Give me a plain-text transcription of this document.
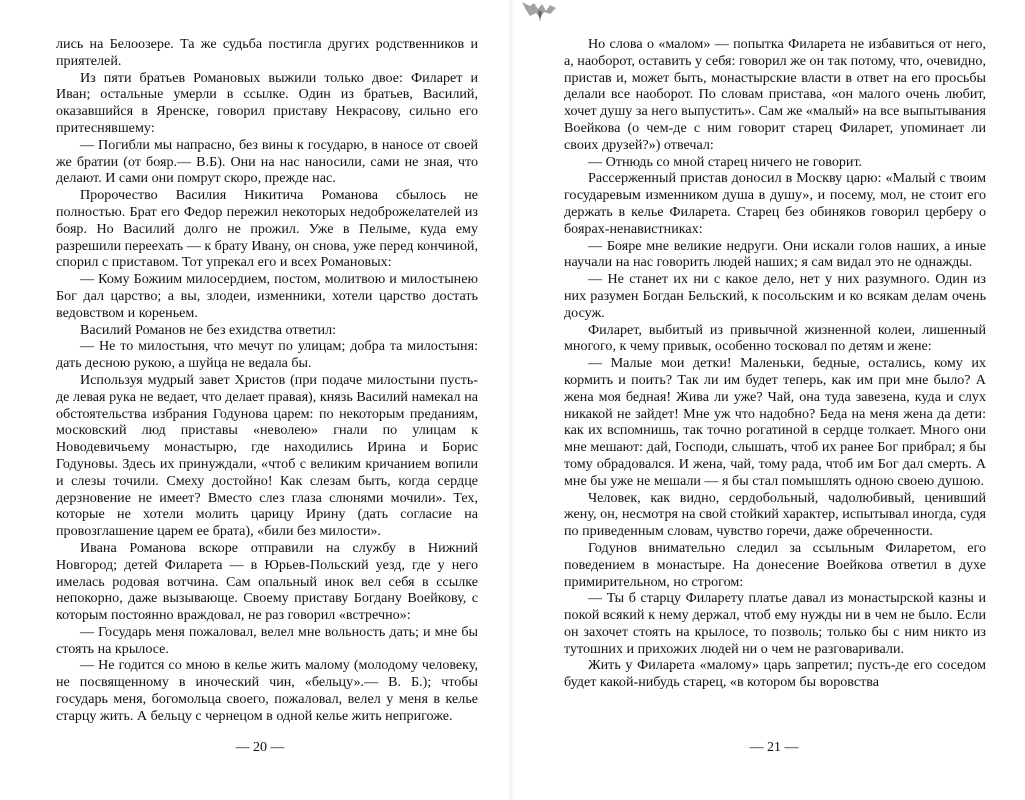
лись на Белоозере. Та же судьба постигла других родственников и приятелей.

Из пяти братьев Романовых выжили только двое: Филарет и Иван; остальные умерли в ссылке. Один из братьев, Василий, оказавшийся в Яренске, говорил приставу Некрасову, сильно его притеснявшему:

— Погибли мы напрасно, без вины к государю, в наносе от своей же братии (от бояр.— В.Б). Они на нас наносили, сами не зная, что делают. И сами они помрут скоро, прежде нас.

Пророчество Василия Никитича Романова сбылось не полностью. Брат его Федор пережил некоторых недоброжелателей из бояр. Но Василий долго не прожил. Уже в Пелыме, куда ему разрешили переехать — к брату Ивану, он снова, уже перед кончиной, спорил с приставом. Тот упрекал его и всех Романовых:

— Кому Божиим милосердием, постом, молитвою и милостынею Бог дал царство; а вы, злодеи, изменники, хотели царство достать ведовством и кореньем.

Василий Романов не без ехидства ответил:

— Не то милостыня, что мечут по улицам; добра та милостыня: дать десною рукою, а шуйца не ведала бы.

Используя мудрый завет Христов (при подаче милостыни пусть-де левая рука не ведает, что делает правая), князь Василий намекал на обстоятельства избрания Годунова царем: по некоторым преданиям, московский люд приставы «неволею» гнали по улицам к Новодевичьему монастырю, где находились Ирина и Борис Годуновы. Здесь их принуждали, «чтоб с великим кричанием вопили и слезы точили. Смеху достойно! Как слезам быть, когда сердце дерзновение не имеет? Вместо слез глаза слюнями мочили». Тех, которые не хотели молить царицу Ирину (дать согласие на провозглашение царем ее брата), «били без милости».

Ивана Романова вскоре отправили на службу в Нижний Новгород; детей Филарета — в Юрьев-Польский уезд, где у него имелась родовая вотчина. Сам опальный инок вел себя в ссылке непокорно, даже вызывающе. Своему приставу Богдану Воейкову, с которым постоянно враждовал, не раз говорил «встречно»:

— Государь меня пожаловал, велел мне вольность дать; и мне бы стоять на крылосе.

— Не годится со мною в келье жить малому (молодому человеку, не посвященному в иноческий чин, «бельцу».— В. Б.); чтобы государь меня, богомольца своего, пожаловал, велел у меня в келье старцу жить. А бельцу с чернецом в одной келье жить непригоже.

— 20 —

Но слова о «малом» — попытка Филарета не избавиться от него, а, наоборот, оставить у себя: говорил же он так потому, что, очевидно, пристав и, может быть, монастырские власти в ответ на его просьбы делали все наоборот. По словам пристава, «он малого очень любит, хочет душу за него выпустить». Сам же «малый» на все выпытывания Воейкова (о чем-де с ним говорит старец Филарет, упоминает ли своих друзей?») отвечал:

— Отнюдь со мной старец ничего не говорит.

Рассерженный пристав доносил в Москву царю: «Малый с твоим государевым изменником душа в душу», и посему, мол, не стоит его держать в келье Филарета. Старец без обиняков говорил церберу о боярах-ненавистниках:

— Бояре мне великие недруги. Они искали голов наших, а иные научали на нас говорить людей наших; я сам видал это не однажды.

— Не станет их ни с какое дело, нет у них разумного. Один из них разумен Богдан Бельский, к посольским и ко всякам делам очень досуж.

Филарет, выбитый из привычной жизненной колеи, лишенный многого, к чему привык, особенно тосковал по детям и жене:

— Малые мои детки! Маленьки, бедные, остались, кому их кормить и поить? Так ли им будет теперь, как им при мне было? А жена моя бедная! Жива ли уже? Чай, она туда завезена, куда и слух никакой не зайдет! Мне уж что надобно? Беда на меня жена да дети: как их вспомнишь, так точно рогатиной в сердце толкает. Много они мне мешают: дай, Господи, слышать, чтоб их ранее Бог прибрал; я бы тому обрадовался. И жена, чай, тому рада, чтоб им Бог дал смерть. А мне бы уже не мешали — я бы стал помышлять одною своею душою.

Человек, как видно, сердобольный, чадолюбивый, ценивший жену, он, несмотря на свой стойкий характер, испытывал иногда, судя по приведенным словам, чувство горечи, даже обреченности.

Годунов внимательно следил за ссыльным Филаретом, его поведением в монастыре. На донесение Воейкова ответил в духе примирительном, но строгом:

— Ты б старцу Филарету платье давал из монастырской казны и покой всякий к нему держал, чтоб ему нужды ни в чем не было. Если он захочет стоять на крылосе, то позволь; только бы с ним никто из тутошних и прихожих людей ни о чем не разговаривали.

Жить у Филарета «малому» царь запретил; пусть-де его соседом будет какой-нибудь старец, «в котором бы воровства

— 21 —
